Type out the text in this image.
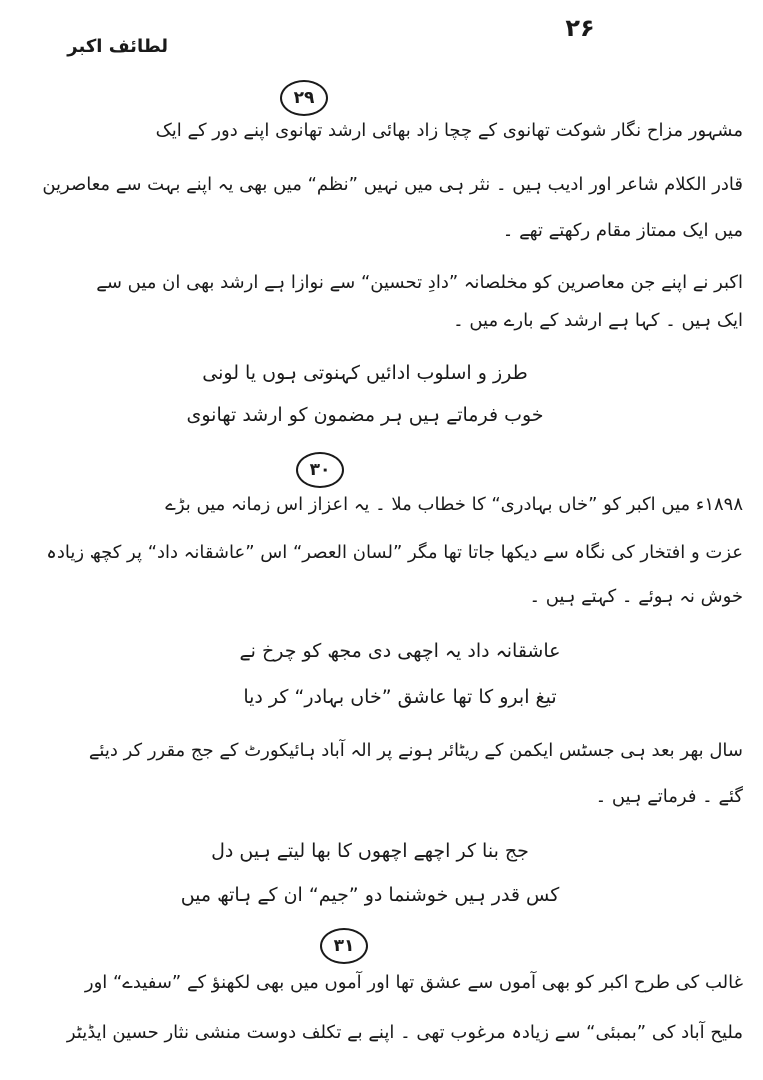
۲۶
لطائف اکبر
۲۹
مشہور مزاح نگار شوکت تھانوی کے چچا زاد بھائی ارشد تھانوی اپنے دور کے ایک
قادر الکلام شاعر اور ادیب ہیں ۔ نثر ہی میں نہیں ”نظم“ میں بھی یہ اپنے بہت سے معاصرین
میں ایک ممتاز مقام رکھتے تھے ۔
اکبر نے اپنے جن معاصرین کو مخلصانہ ”دادِ تحسین“ سے نوازا ہے ارشد بھی ان میں سے
ایک ہیں ۔ کہا ہے ارشد کے بارے میں ۔
طرز و اسلوب ادائیں کہنوتی ہوں یا لونی
خوب فرماتے ہیں ہر مضمون کو ارشد تھانوی
۳۰
۱۸۹۸ء میں اکبر کو ”خاں بہادری“ کا خطاب ملا ۔ یہ اعزاز اس زمانہ میں بڑے
عزت و افتخار کی نگاہ سے دیکھا جاتا تھا مگر ”لسان العصر“ اس ”عاشقانہ داد“ پر کچھ زیادہ
خوش نہ ہوئے ۔ کہتے ہیں ۔
عاشقانہ داد یہ اچھی دی مجھ کو چرخ نے
تیغ ابرو کا تھا عاشق ”خاں بہادر“ کر دیا
سال بھر بعد ہی جسٹس ایکمن کے ریٹائر ہونے پر الہ آباد ہائیکورٹ کے جج مقرر کر دیئے
گئے ۔ فرماتے ہیں ۔
جج بنا کر اچھے اچھوں کا بھا لیتے ہیں دل
کس قدر ہیں خوشنما دو ”جیم“ ان کے ہاتھ میں
۳۱
غالب کی طرح اکبر کو بھی آموں سے عشق تھا اور آموں میں بھی لکھنؤ کے ”سفیدے“ اور
ملیح آباد کی ”بمبئی“ سے زیادہ مرغوب تھی ۔ اپنے بے تکلف دوست منشی نثار حسین ایڈیٹر
